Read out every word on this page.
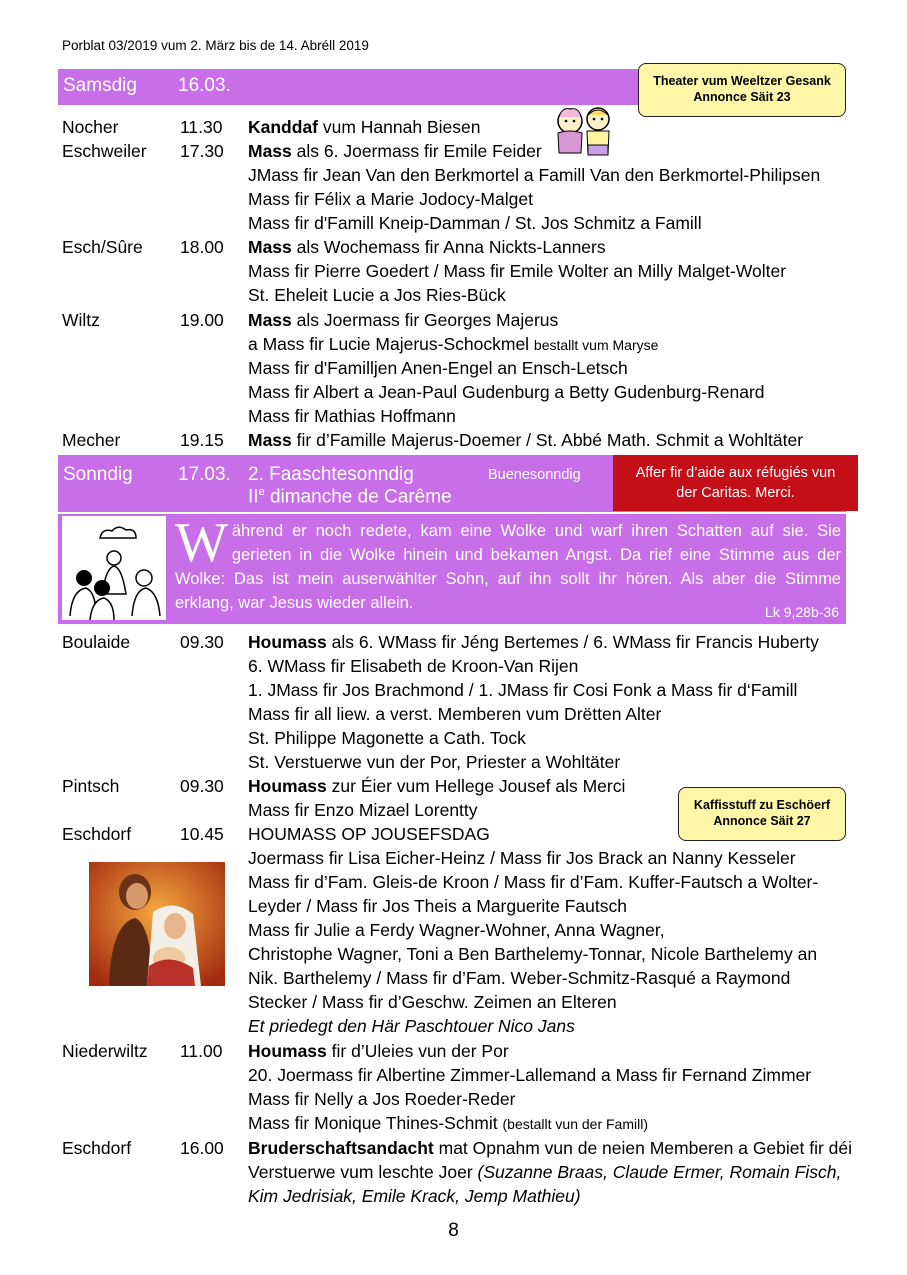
Porblat 03/2019 vum 2. März bis de 14. Abréll 2019
Samsdig 16.03.	Theater vum Weeltzer Gesank
Annonce Säit 23
Nocher	11.30 Kanddaf vum Hannah Biesen
Eschweiler 17.30 Mass als 6. Joermass fir Emile Feider
JMass fir Jean Van den Berkmortel a Famill Van den Berkmortel-Philipsen
Mass fir Félix a Marie Jodocy-Malget
Mass fir d'Famill Kneip-Damman / St. Jos Schmitz a Famill
Esch/Sûre 18.00 Mass als Wochemass fir Anna Nickts-Lanners
Mass fir Pierre Goedert / Mass fir Emile Wolter an Milly Malget-Wolter
St. Eheleit Lucie a Jos Ries-Bück
Wiltz	19.00 Mass als Joermass fir Georges Majerus
a Mass fir Lucie Majerus-Schockmel bestallt vum Maryse
Mass fir d'Familljen Anen-Engel an Ensch-Letsch
Mass fir Albert a Jean-Paul Gudenburg a Betty Gudenburg-Renard
Mass fir Mathias Hoffmann
Mecher	19.15 Mass fir d’Famille Majerus-Doemer / St. Abbé Math. Schmit a Wohltäter
Sonndig 17.03. 2. Faaschtesonndig
IIe dimanche de Carême
Buenesonndig	Affer fir d’aide aux réfugiés vun
der Caritas. Merci.
Während er noch redete, kam eine Wolke und warf ihren Schatten auf sie. Sie gerieten in die Wolke hinein und bekamen Angst. Da rief eine Stimme aus der Wolke: Das ist mein auserwählter Sohn, auf ihn sollt ihr hören. Als aber die Stimme erklang, war Jesus wieder allein.	Lk 9,28b-36
Kaffisstuff zu Eschöerf
Annonce Säit 27
Boulaide	09.30 Houmass als 6. WMass fir Jéng Bertemes / 6. WMass fir Francis Huberty
6. WMass fir Elisabeth de Kroon-Van Rijen
1. JMass fir Jos Brachmond / 1. JMass fir Cosi Fonk a Mass fir d‘Famill
Mass fir all liew. a verst. Memberen vum Drëtten Alter
St. Philippe Magonette a Cath. Tock
St. Verstuerwe vun der Por, Priester a Wohltäter
Pintsch	09.30 Houmass zur Éier vum Hellege Jousef als Merci
Mass fir Enzo Mizael Lorentty
Eschdorf	10.45 HOUMASS OP JOUSEFSDAG
Joermass fir Lisa Eicher-Heinz / Mass fir Jos Brack an Nanny Kesseler
Mass fir d’Fam. Gleis-de Kroon / Mass fir d’Fam. Kuffer-Fautsch a Wolter-
Leyder / Mass fir Jos Theis a Marguerite Fautsch
Mass fir Julie a Ferdy Wagner-Wohner, Anna Wagner,
Christophe Wagner, Toni a Ben Barthelemy-Tonnar, Nicole Barthelemy an
Nik. Barthelemy / Mass fir d’Fam. Weber-Schmitz-Rasqué a Raymond
Stecker / Mass fir d’Geschw. Zeimen an Elteren
Et priedegt den Här Paschtouer Nico Jans
Niederwiltz 11.00 Houmass fir d’Uleies vun der Por
20. Joermass fir Albertine Zimmer-Lallemand a Mass fir Fernand Zimmer
Mass fir Nelly a Jos Roeder-Reder
Mass fir Monique Thines-Schmit (bestallt vun der Famill)
Eschdorf	16.00 Bruderschaftsandacht mat Opnahm vun de neien Memberen a Gebiet fir déi
Verstuerwe vum leschte Joer (Suzanne Braas, Claude Ermer, Romain Fisch,
Kim Jedrisiak, Emile Krack, Jemp Mathieu)
8
